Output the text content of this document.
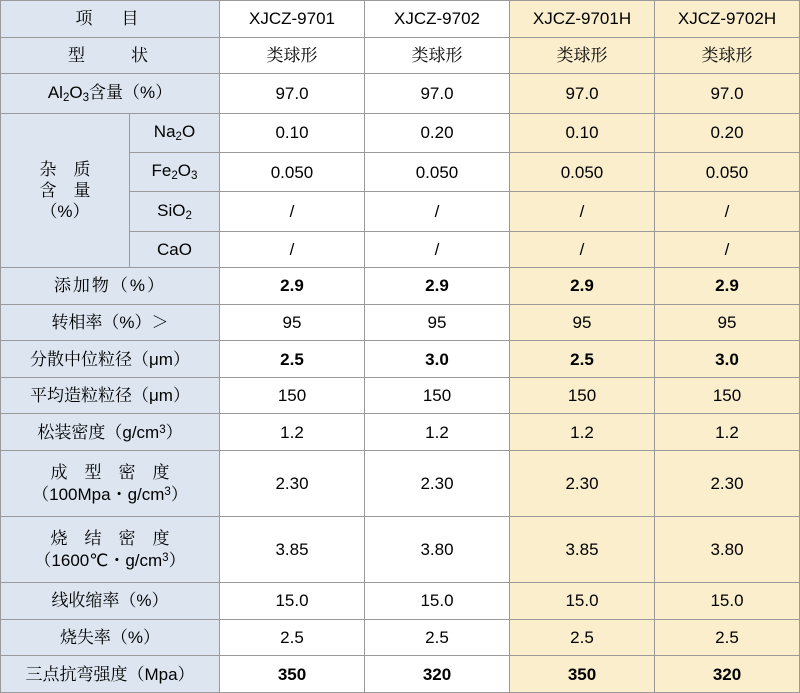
项　目		XJCZ-9701	XJCZ-9702	XJCZ-9701H	XJCZ-9702H
型　　状		类球形	类球形	类球形	类球形
$Al_2O_3$含量（%）		97.0	97.0	97.0	97.0
杂　质
含　量
（%）	$Na_2O$	0.10	0.20	0.10	0.20
	$Fe_2O_3$	0.050	0.050	0.050	0.050
	SiO$_2$	/	/	/	/
	CaO	/	/	/	/
添加物（%）		2.9	2.9	2.9	2.9
转相率（%）＞		95	95	95	95
分散中位粒径（μm）		2.5	3.0	2.5	3.0
平均造粒粒径（μm）		150	150	150	150
松装密度$(g/cm^3)$		1.2	1.2	1.2	1.2
成　型　密　度
（100Mpa・$g/cm^3$）		2.30	2.30	2.30	2.30
烧　结　密　度
（1600℃・$g/cm^3$）		3.85	3.80	3.85	3.80
线收缩率（%）		15.0	15.0	15.0	15.0
烧失率（%）		2.5	2.5	2.5	2.5
三点抗弯强度（Mpa）		350	320	350	320
